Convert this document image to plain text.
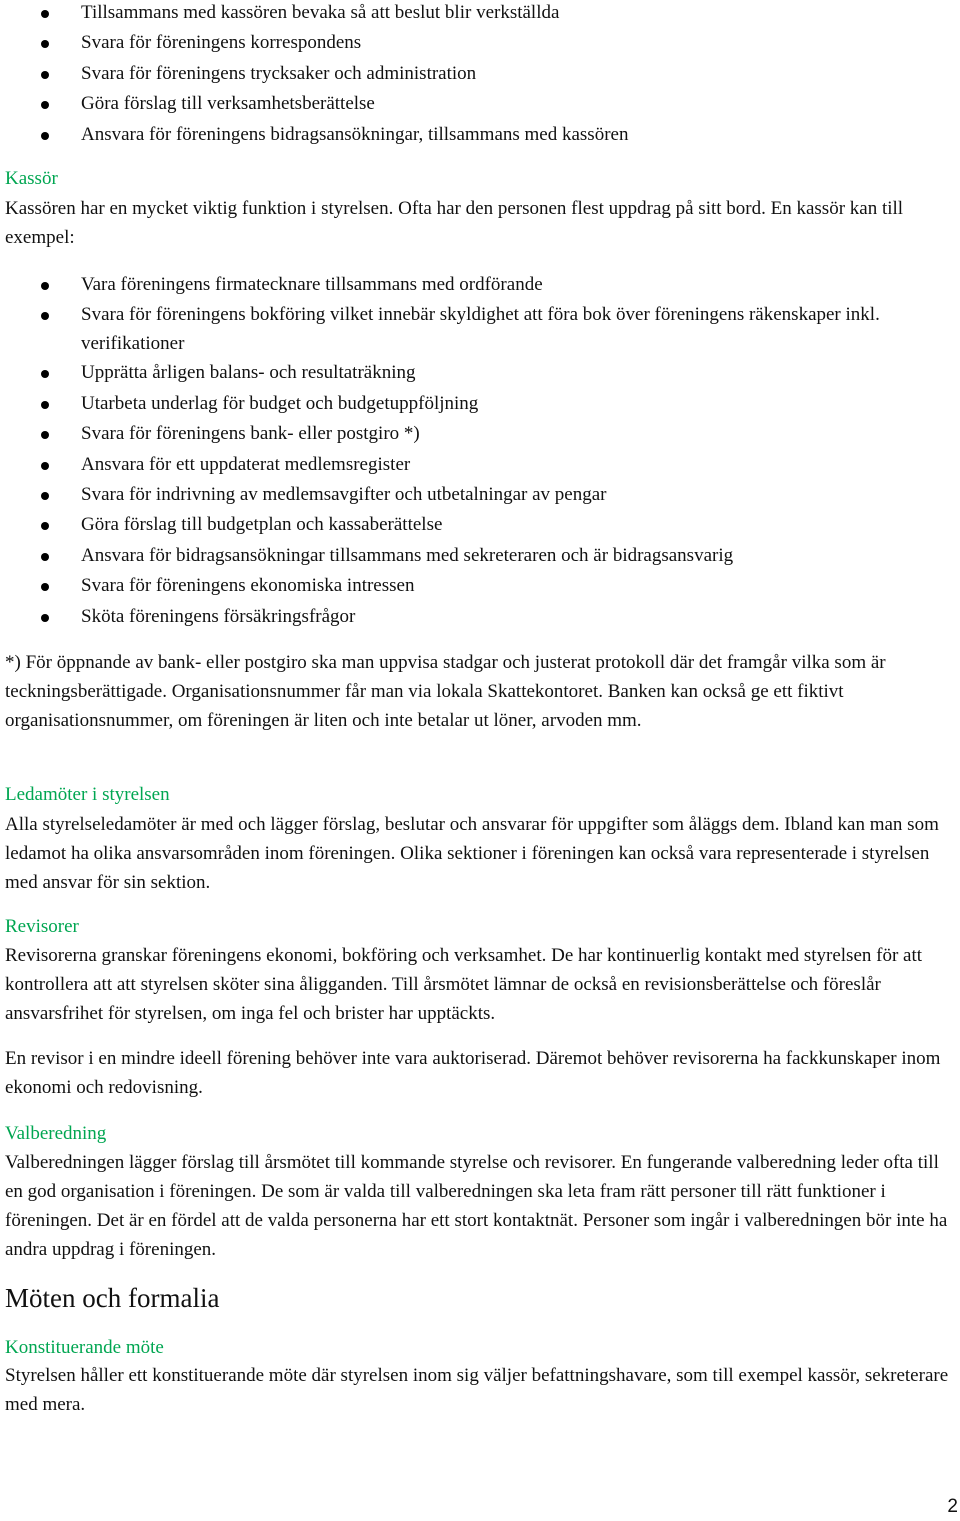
Tillsammans med kassören bevaka så att beslut blir verkställda
Svara för föreningens korrespondens
Svara för föreningens trycksaker och administration
Göra förslag till verksamhetsberättelse
Ansvara för föreningens bidragsansökningar, tillsammans med kassören
Kassör

Kassören har en mycket viktig funktion i styrelsen. Ofta har den personen flest uppdrag på sitt bord. En kassör kan till exempel:

Vara föreningens firmatecknare tillsammans med ordförande
Svara för föreningens bokföring vilket innebär skyldighet att föra bok över föreningens räkenskaper inkl. verifikationer
Upprätta årligen balans- och resultaträkning
Utarbeta underlag för budget och budgetuppföljning
Svara för föreningens bank- eller postgiro *)
Ansvara för ett uppdaterat medlemsregister
Svara för indrivning av medlemsavgifter och utbetalningar av pengar
Göra förslag till budgetplan och kassaberättelse
Ansvara för bidragsansökningar tillsammans med sekreteraren och är bidragsansvarig
Svara för föreningens ekonomiska intressen
Sköta föreningens försäkringsfrågor

*) För öppnande av bank- eller postgiro ska man uppvisa stadgar och justerat protokoll där det framgår vilka som är teckningsberättigade. Organisationsnummer får man via lokala Skattekontoret. Banken kan också ge ett fiktivt organisationsnummer, om föreningen är liten och inte betalar ut löner, arvoden mm.

Ledamöter i styrelsen

Alla styrelseledamöter är med och lägger förslag, beslutar och ansvarar för uppgifter som åläggs dem. Ibland kan man som ledamot ha olika ansvarsområden inom föreningen. Olika sektioner i föreningen kan också vara representerade i styrelsen med ansvar för sin sektion.

Revisorer

Revisorerna granskar föreningens ekonomi, bokföring och verksamhet. De har kontinuerlig kontakt med styrelsen för att kontrollera att att styrelsen sköter sina åligganden. Till årsmötet lämnar de också en revisionsberättelse och föreslår ansvarsfrihet för styrelsen, om inga fel och brister har upptäckts.

En revisor i en mindre ideell förening behöver inte vara auktoriserad. Däremot behöver revisorerna ha fackkunskaper inom ekonomi och redovisning.

Valberedning

Valberedningen lägger förslag till årsmötet till kommande styrelse och revisorer. En fungerande valberedning leder ofta till en god organisation i föreningen. De som är valda till valberedningen ska leta fram rätt personer till rätt funktioner i föreningen. Det är en fördel att de valda personerna har ett stort kontaktnät. Personer som ingår i valberedningen bör inte ha andra uppdrag i föreningen.

Möten och formalia
Konstituerande möte

Styrelsen håller ett konstituerande möte där styrelsen inom sig väljer befattningshavare, som till exempel kassör, sekreterare med mera.

2
